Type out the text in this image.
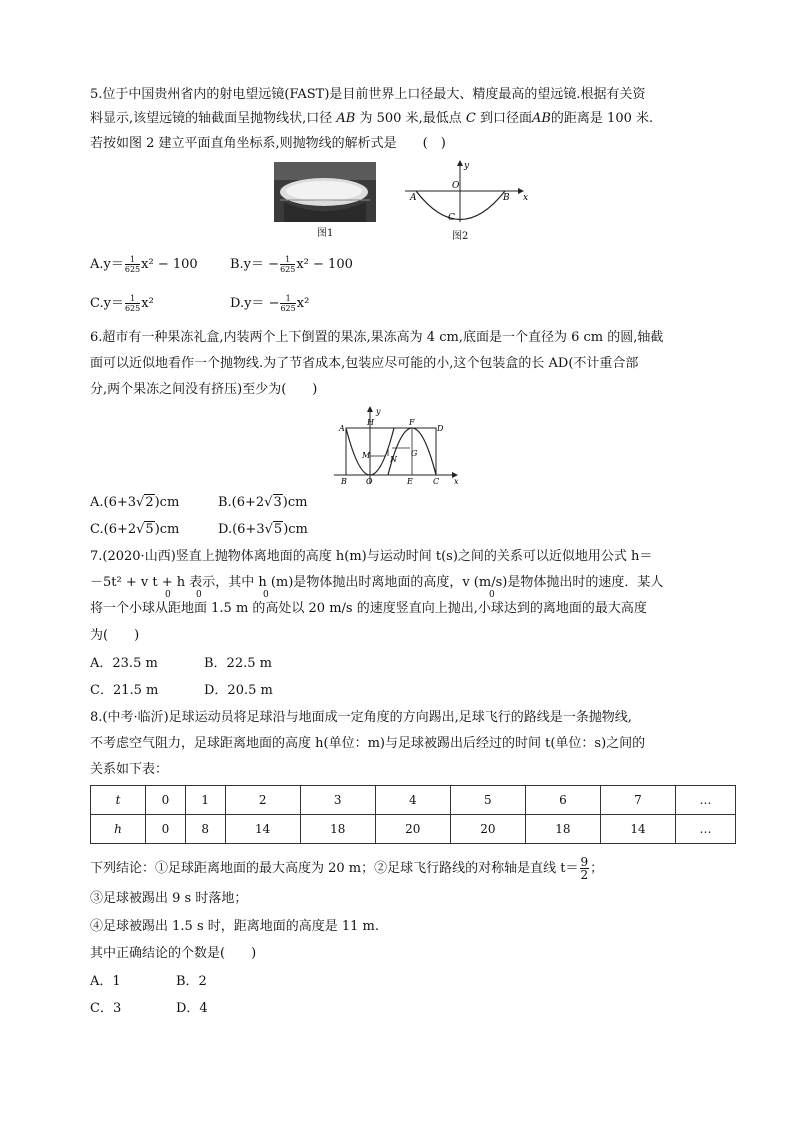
5.位于中国贵州省内的射电望远镜(FAST)是目前世界上口径最大、精度最高的望远镜.根据有关资
料显示,该望远镜的轴截面呈抛物线状,口径 AB 为 500 米,最低点 C 到口径面AB的距离是 100 米.
若按如图 2 建立平面直角坐标系,则抛物线的解析式是　　(　)
图1
y
x
A
O
B
C
图2
$A.y= \frac{1}{625} x^2 - 100$ $B.y= - \frac{1}{625} x^2 - 100$
$C.y= \frac{1}{625} x^2$	$D.y= - \frac{1}{625} x^2$
6.超市有一种果冻礼盒,内装两个上下倒置的果冻,果冻高为 4 cm,底面是一个直径为 6 cm 的圆,轴截
面可以近似地看作一个抛物线.为了节省成本,包装应尽可能的小,这个包装盒的长 AD(不计重合部
分,两个果冻之间没有挤压)至少为(　　)
y
x
A
H	F
D
M N
G
B O	E	C
A.(6+3√2)cm	B.(6+2√3)cm
C.(6+2√5)cm	D.(6+3√5)cm
7.(2020·山西)竖直上抛物体离地面的高度 h(m)与运动时间 t(s)之间的关系可以近似地用公式 h＝
－5t² + v t + h 表示，其中 h (m)是物体抛出时离地面的高度，v (m/s)是物体抛出时的速度．某人
0	0	0	0
将一个小球从距地面 1.5 m 的高处以 20 m/s 的速度竖直向上抛出,小球达到的离地面的最大高度
为(　　)
A．23.5 m	B．22.5 m
C．21.5 m	D．20.5 m
8.(中考·临沂)足球运动员将足球沿与地面成一定角度的方向踢出,足球飞行的路线是一条抛物线,
不考虑空气阻力，足球距离地面的高度 h(单位：m)与足球被踢出后经过的时间 t(单位：s)之间的
关系如下表：
t	0	1	2	3	4	5	6	7	…
h	0	8	14	18	20	20	18	14	…
下列结论：①足球距离地面的最大高度为 20 m；②足球飞行路线的对称轴是直线 $t= \frac{9}{2}$；
③足球被踢出 9 s 时落地；
④足球被踢出 1.5 s 时，距离地面的高度是 11 m.
其中正确结论的个数是(　　)
A．1	B．2
C．3	D．4
